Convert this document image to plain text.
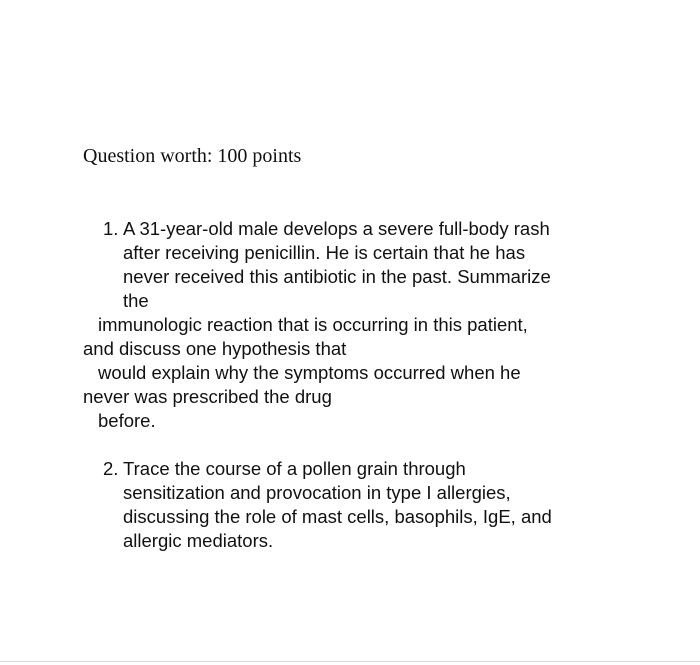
Question worth: 100 points
1. A 31-year-old male develops a severe full-body rash
after receiving penicillin. He is certain that he has
never received this antibiotic in the past. Summarize
the
immunologic reaction that is occurring in this patient,
and discuss one hypothesis that
would explain why the symptoms occurred when he
never was prescribed the drug
before.
2. Trace the course of a pollen grain through
sensitization and provocation in type I allergies,
discussing the role of mast cells, basophils, IgE, and
allergic mediators.
